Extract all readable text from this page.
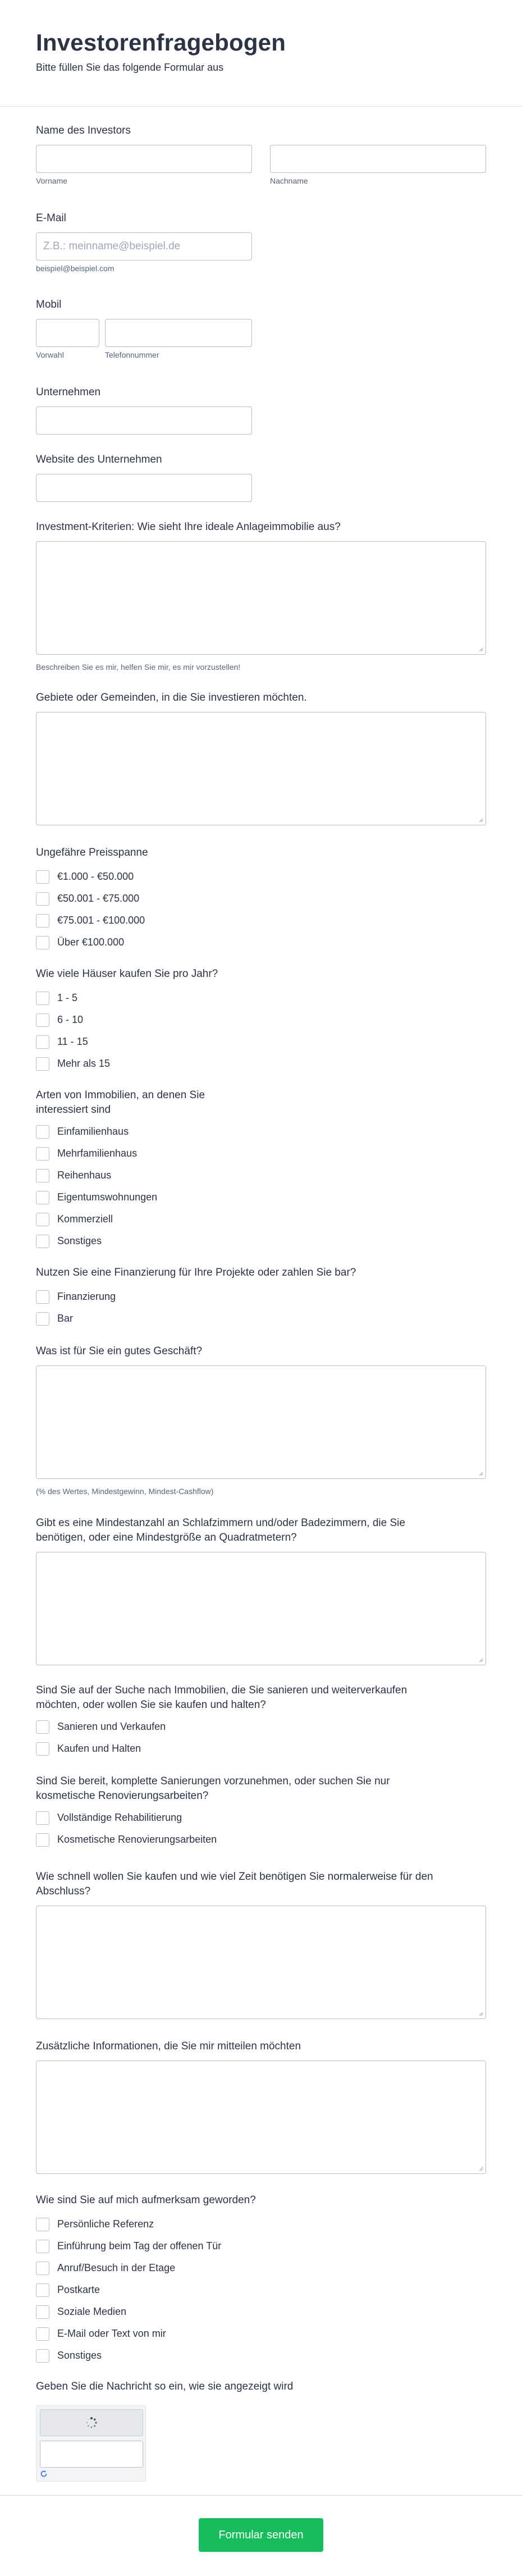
Investorenfragebogen

Bitte füllen Sie das folgende Formular aus

Name des Investors
Vorname	Nachname
E-Mail
Z.B.: meinname@beispiel.de
beispiel@beispiel.com
Mobil
Vorwahl	Telefonnummer
Unternehmen
Website des Unternehmen
Investment-Kriterien: Wie sieht Ihre ideale Anlageimmobilie aus?
Beschreiben Sie es mir, helfen Sie mir, es mir vorzustellen!
Gebiete oder Gemeinden, in die Sie investieren möchten.
Ungefähre Preisspanne
€1.000 - €50.000
€50.001 - €75.000
€75.001 - €100.000
Über €100.000
Wie viele Häuser kaufen Sie pro Jahr?
1 - 5
6 - 10
11 - 15
Mehr als 15
Arten von Immobilien, an denen Sie
interessiert sind
Einfamilienhaus
Mehrfamilienhaus
Reihenhaus
Eigentumswohnungen
Kommerziell
Sonstiges
Nutzen Sie eine Finanzierung für Ihre Projekte oder zahlen Sie bar?
Finanzierung
Bar
Was ist für Sie ein gutes Geschäft?
(% des Wertes, Mindestgewinn, Mindest-Cashflow)
Gibt es eine Mindestanzahl an Schlafzimmern und/oder Badezimmern, die Sie
benötigen, oder eine Mindestgröße an Quadratmetern?
Sind Sie auf der Suche nach Immobilien, die Sie sanieren und weiterverkaufen
möchten, oder wollen Sie sie kaufen und halten?
Sanieren und Verkaufen
Kaufen und Halten
Sind Sie bereit, komplette Sanierungen vorzunehmen, oder suchen Sie nur
kosmetische Renovierungsarbeiten?
Vollständige Rehabilitierung
Kosmetische Renovierungsarbeiten
Wie schnell wollen Sie kaufen und wie viel Zeit benötigen Sie normalerweise für den
Abschluss?
Zusätzliche Informationen, die Sie mir mitteilen möchten
Wie sind Sie auf mich aufmerksam geworden?
Persönliche Referenz
Einführung beim Tag der offenen Tür
Anruf/Besuch in der Etage
Postkarte
Soziale Medien
E-Mail oder Text von mir
Sonstiges
Geben Sie die Nachricht so ein, wie sie angezeigt wird
Formular senden
